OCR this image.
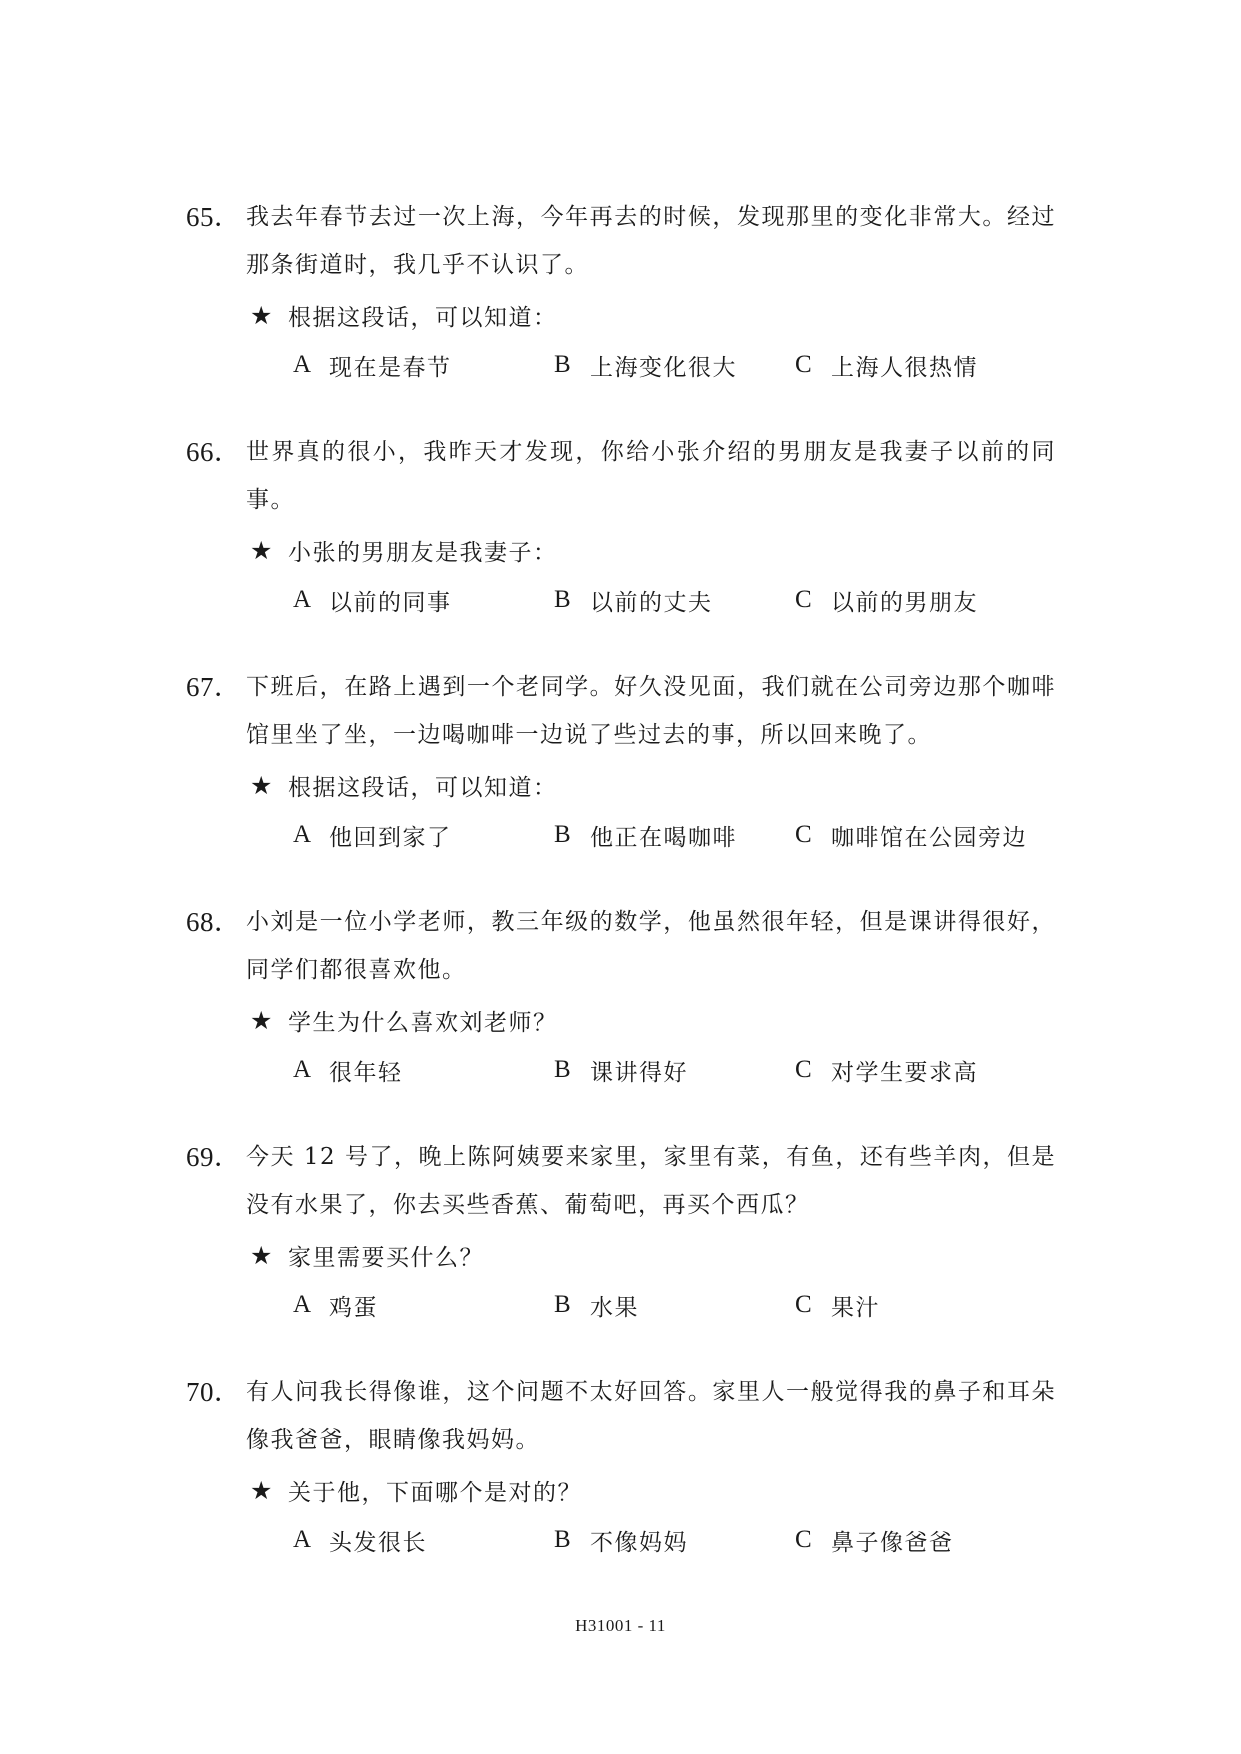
65． 我去年春节去过一次上海，今年再去的时候，发现那里的变化非常大。经过那条街道时，我几乎不认识了。
★ 根据这段话，可以知道：
A 现在是春节	B 上海变化很大 C 上海人很热情
66． 世界真的很小，我昨天才发现，你给小张介绍的男朋友是我妻子以前的同事。
★ 小张的男朋友是我妻子：
A 以前的同事	B 以前的丈夫	C 以前的男朋友
67． 下班后，在路上遇到一个老同学。好久没见面，我们就在公司旁边那个咖啡馆里坐了坐，一边喝咖啡一边说了些过去的事，所以回来晚了。
★ 根据这段话，可以知道：
A 他回到家了	B 他正在喝咖啡 C 咖啡馆在公园旁边
68． 小刘是一位小学老师，教三年级的数学，他虽然很年轻，但是课讲得很好，同学们都很喜欢他。
★ 学生为什么喜欢刘老师？
A 很年轻	B 课讲得好	C 对学生要求高
69． 今天 12 号了，晚上陈阿姨要来家里，家里有菜，有鱼，还有些羊肉，但是没有水果了，你去买些香蕉、葡萄吧，再买个西瓜？
★ 家里需要买什么？
A 鸡蛋	B 水果	C 果汁
70． 有人问我长得像谁，这个问题不太好回答。家里人一般觉得我的鼻子和耳朵像我爸爸，眼睛像我妈妈。
★ 关于他，下面哪个是对的？
A 头发很长	B 不像妈妈	C 鼻子像爸爸
H31001 - 11
